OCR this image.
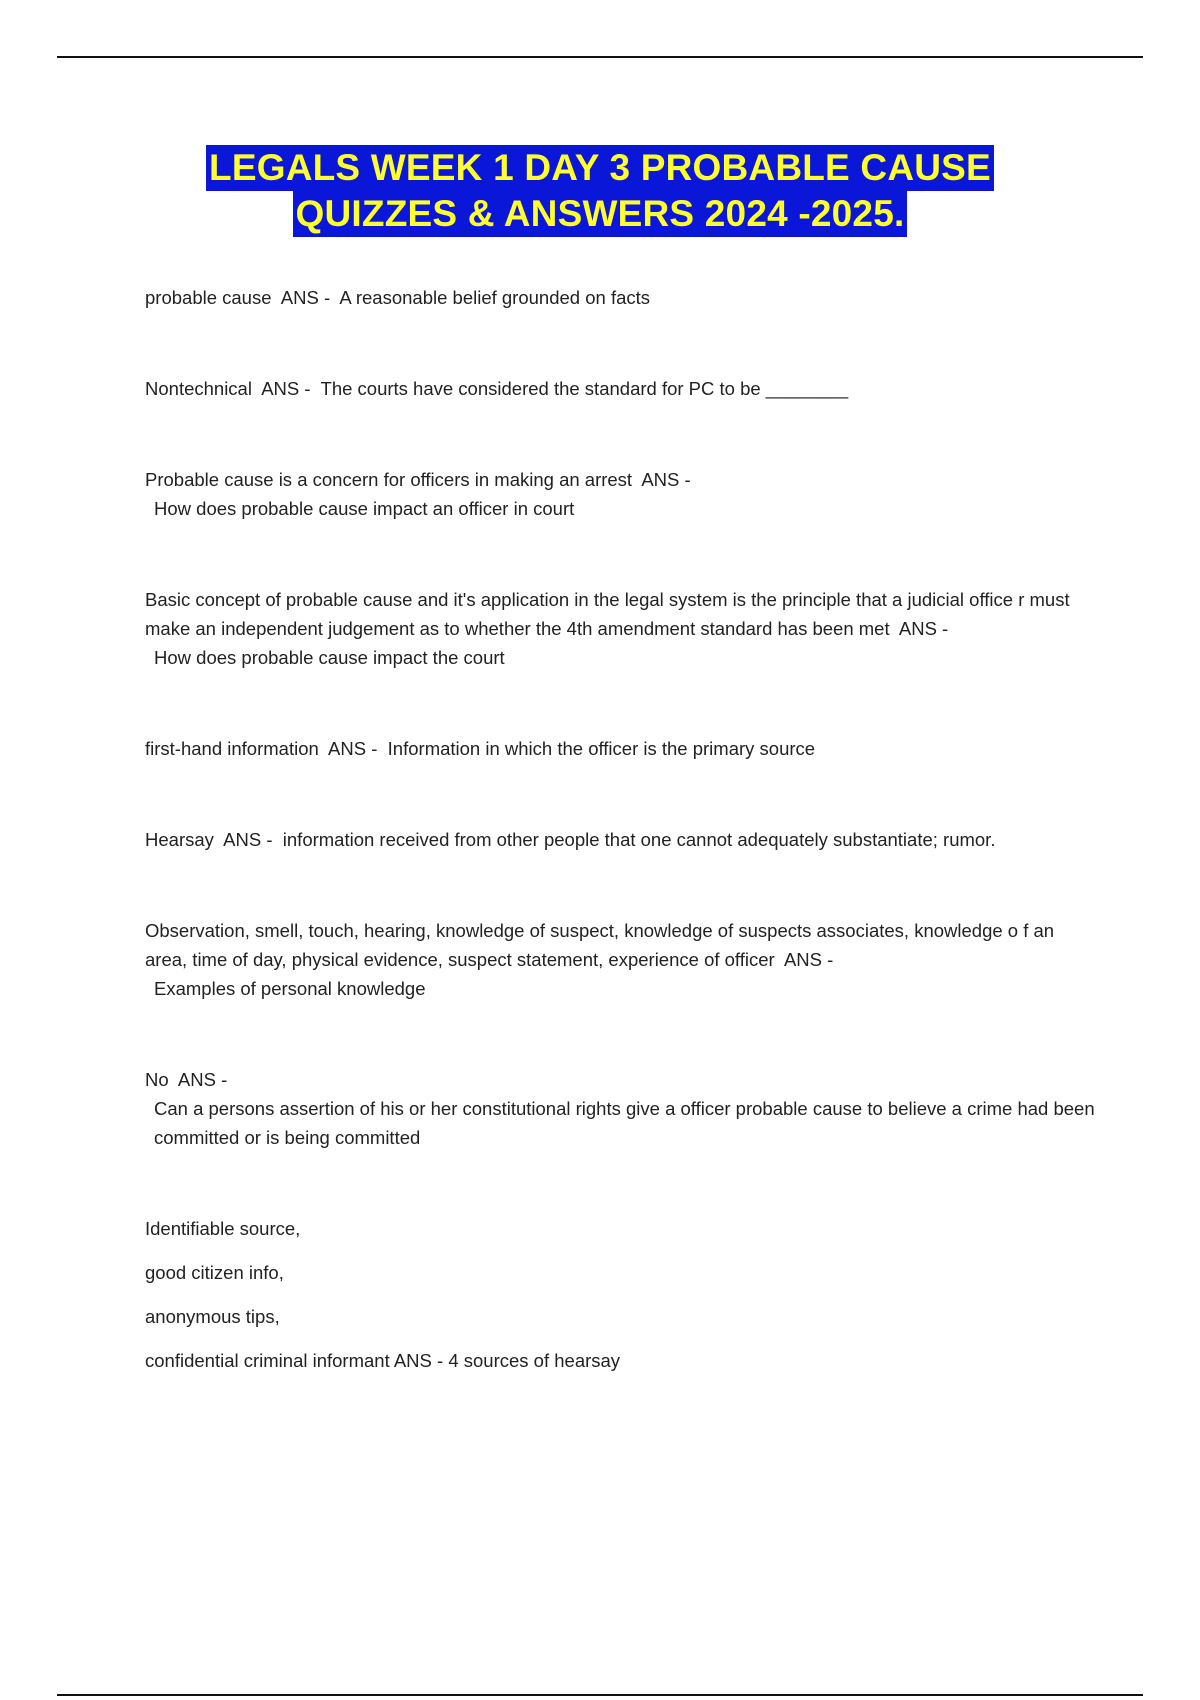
LEGALS WEEK 1 DAY 3 PROBABLE CAUSE
QUIZZES & ANSWERS 2024 -2025.

probable cause ANS - A reasonable belief grounded on facts

Nontechnical ANS - The courts have considered the standard for PC to be ________

Probable cause is a concern for officers in making an arrest ANS -

How does probable cause impact an officer in court

Basic concept of probable cause and it's application in the legal system is the principle that a judicial office r must make an independent judgement as to whether the 4th amendment standard has been met ANS -

How does probable cause impact the court

first-hand information ANS - Information in which the officer is the primary source

Hearsay ANS - information received from other people that one cannot adequately substantiate; rumor.

Observation, smell, touch, hearing, knowledge of suspect, knowledge of suspects associates, knowledge o f an area, time of day, physical evidence, suspect statement, experience of officer ANS -

Examples of personal knowledge

No ANS -

Can a persons assertion of his or her constitutional rights give a officer probable cause to believe a crime had been committed or is being committed

Identifiable source,

good citizen info,

anonymous tips,

confidential criminal informant ANS - 4 sources of hearsay
